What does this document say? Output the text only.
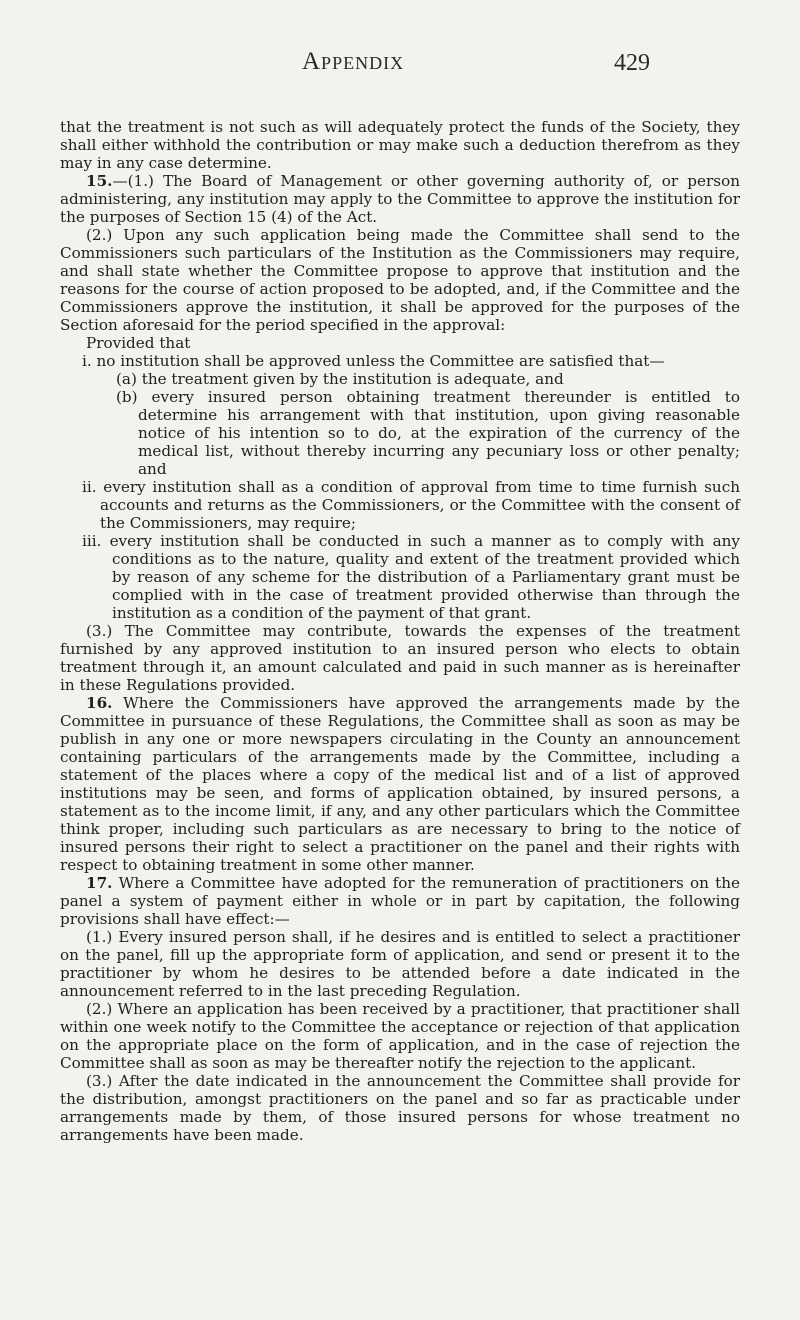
Appendix	429

that the treatment is not such as will adequately protect the funds of the Society, they shall either withhold the contribution or may make such a deduction therefrom as they may in any case determine.

15.—(1.) The Board of Management or other governing authority of, or person administering, any institution may apply to the Committee to approve the institution for the purposes of Section 15 (4) of the Act.

(2.) Upon any such application being made the Committee shall send to the Commissioners such particulars of the Institution as the Commissioners may require, and shall state whether the Committee propose to approve that institution and the reasons for the course of action proposed to be adopted, and, if the Committee and the Commissioners approve the institution, it shall be approved for the purposes of the Section aforesaid for the period specified in the approval:

Provided that

i. no institution shall be approved unless the Committee are satisfied that—

(a) the treatment given by the institution is adequate, and

(b) every insured person obtaining treatment thereunder is entitled to determine his arrangement with that institution, upon giving reasonable notice of his intention so to do, at the expiration of the currency of the medical list, without thereby incurring any pecuniary loss or other penalty; and

ii. every institution shall as a condition of approval from time to time furnish such accounts and returns as the Commissioners, or the Committee with the consent of the Commissioners, may require;

iii. every institution shall be conducted in such a manner as to comply with any conditions as to the nature, quality and extent of the treatment provided which by reason of any scheme for the distribution of a Parliamentary grant must be complied with in the case of treatment provided otherwise than through the institution as a condition of the payment of that grant.

(3.) The Committee may contribute, towards the expenses of the treatment furnished by any approved institution to an insured person who elects to obtain treatment through it, an amount calculated and paid in such manner as is hereinafter in these Regulations provided.

16. Where the Commissioners have approved the arrangements made by the Committee in pursuance of these Regulations, the Committee shall as soon as may be publish in any one or more newspapers circulating in the County an announcement containing particulars of the arrangements made by the Committee, including a statement of the places where a copy of the medical list and of a list of approved institutions may be seen, and forms of application obtained, by insured persons, a statement as to the income limit, if any, and any other particulars which the Committee think proper, including such particulars as are necessary to bring to the notice of insured persons their right to select a practitioner on the panel and their rights with respect to obtaining treatment in some other manner.

17. Where a Committee have adopted for the remuneration of practitioners on the panel a system of payment either in whole or in part by capitation, the following provisions shall have effect:—

(1.) Every insured person shall, if he desires and is entitled to select a practitioner on the panel, fill up the appropriate form of application, and send or present it to the practitioner by whom he desires to be attended before a date indicated in the announcement referred to in the last preceding Regulation.

(2.) Where an application has been received by a practitioner, that practitioner shall within one week notify to the Committee the acceptance or rejection of that application on the appropriate place on the form of application, and in the case of rejection the Committee shall as soon as may be thereafter notify the rejection to the applicant.

(3.) After the date indicated in the announcement the Committee shall provide for the distribution, amongst practitioners on the panel and so far as practicable under arrangements made by them, of those insured persons for whose treatment no arrangements have been made.
